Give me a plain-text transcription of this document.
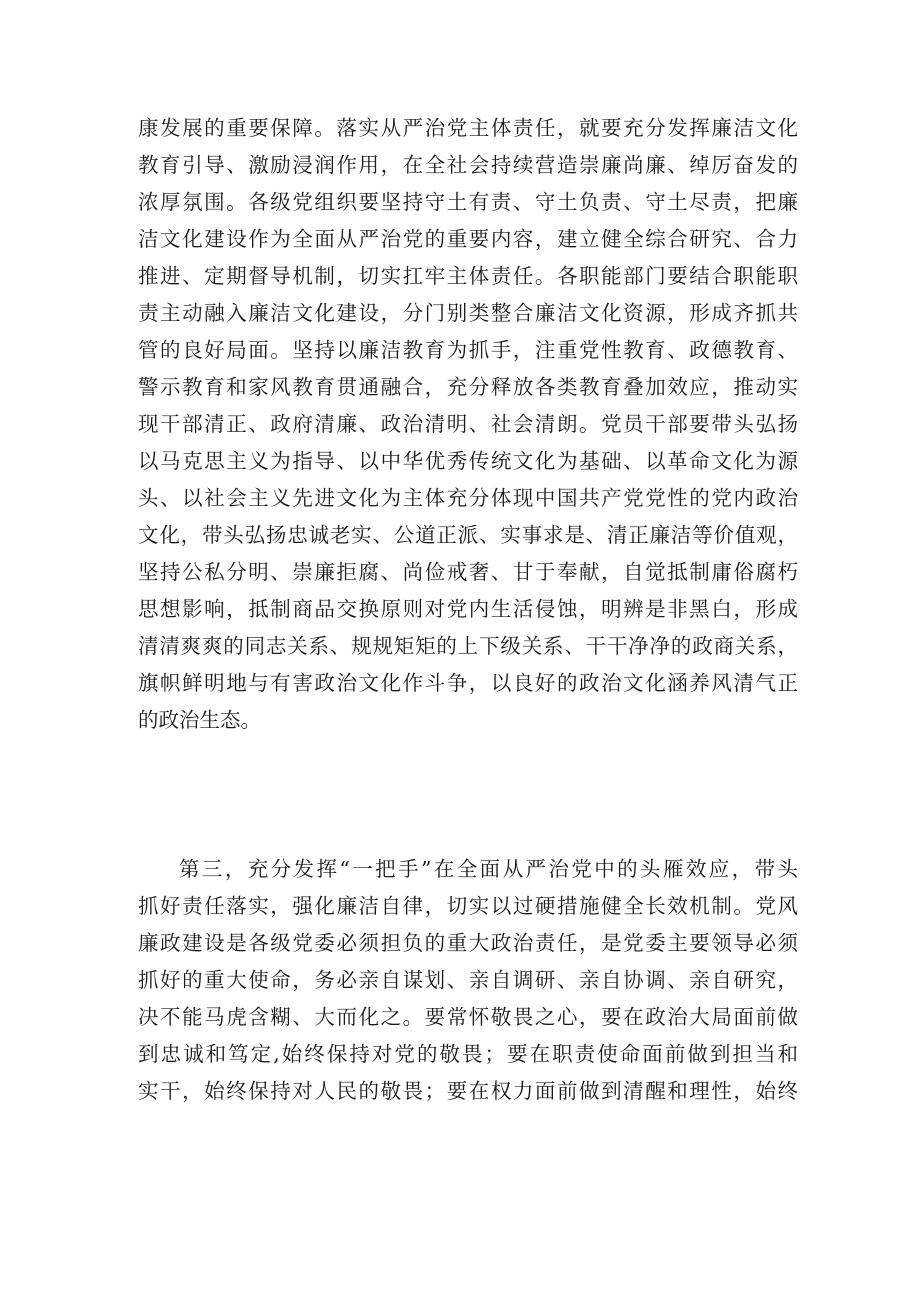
康发展的重要保障。落实从严治党主体责任，就要充分发挥廉洁文化
教育引导、激励浸润作用，在全社会持续营造崇廉尚廉、绰厉奋发的
浓厚氛围。各级党组织要坚持守土有责、守土负责、守土尽责，把廉
洁文化建设作为全面从严治党的重要内容，建立健全综合研究、合力
推进、定期督导机制，切实扛牢主体责任。各职能部门要结合职能职
责主动融入廉洁文化建设，分门别类整合廉洁文化资源，形成齐抓共
管的良好局面。坚持以廉洁教育为抓手，注重党性教育、政德教育、
警示教育和家风教育贯通融合，充分释放各类教育叠加效应，推动实
现干部清正、政府清廉、政治清明、社会清朗。党员干部要带头弘扬
以马克思主义为指导、以中华优秀传统文化为基础、以革命文化为源
头、以社会主义先进文化为主体充分体现中国共产党党性的党内政治
文化，带头弘扬忠诚老实、公道正派、实事求是、清正廉洁等价值观，
坚持公私分明、崇廉拒腐、尚俭戒奢、甘于奉献，自觉抵制庸俗腐朽
思想影响，抵制商品交换原则对党内生活侵蚀，明辨是非黑白，形成
清清爽爽的同志关系、规规矩矩的上下级关系、干干净净的政商关系，
旗帜鲜明地与有害政治文化作斗争，以良好的政治文化涵养风清气正
的政治生态。
第三，充分发挥“一把手”在全面从严治党中的头雁效应，带头
抓好责任落实，强化廉洁自律，切实以过硬措施健全长效机制。党风
廉政建设是各级党委必须担负的重大政治责任，是党委主要领导必须
抓好的重大使命，务必亲自谋划、亲自调研、亲自协调、亲自研究，
决不能马虎含糊、大而化之。要常怀敬畏之心，要在政治大局面前做
到忠诚和笃定,始终保持对党的敬畏；要在职责使命面前做到担当和
实干，始终保持对人民的敬畏；要在权力面前做到清醒和理性，始终
